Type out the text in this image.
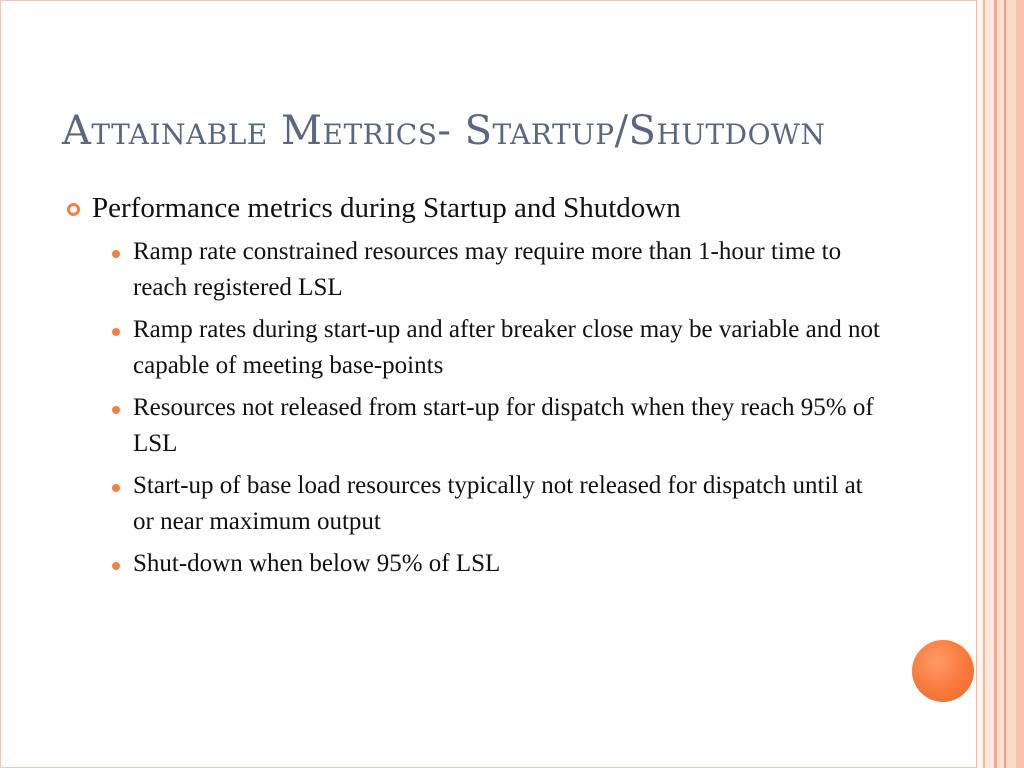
Attainable Metrics- Startup/Shutdown
Performance metrics during Startup and Shutdown
Ramp rate constrained resources may require more than 1-hour time to reach registered LSL
Ramp rates during start-up and after breaker close may be variable and not capable of meeting base-points
Resources not released from start-up for dispatch when they reach 95% of LSL
Start-up of base load resources typically not released for dispatch until at or near maximum output
Shut-down when below 95% of LSL
